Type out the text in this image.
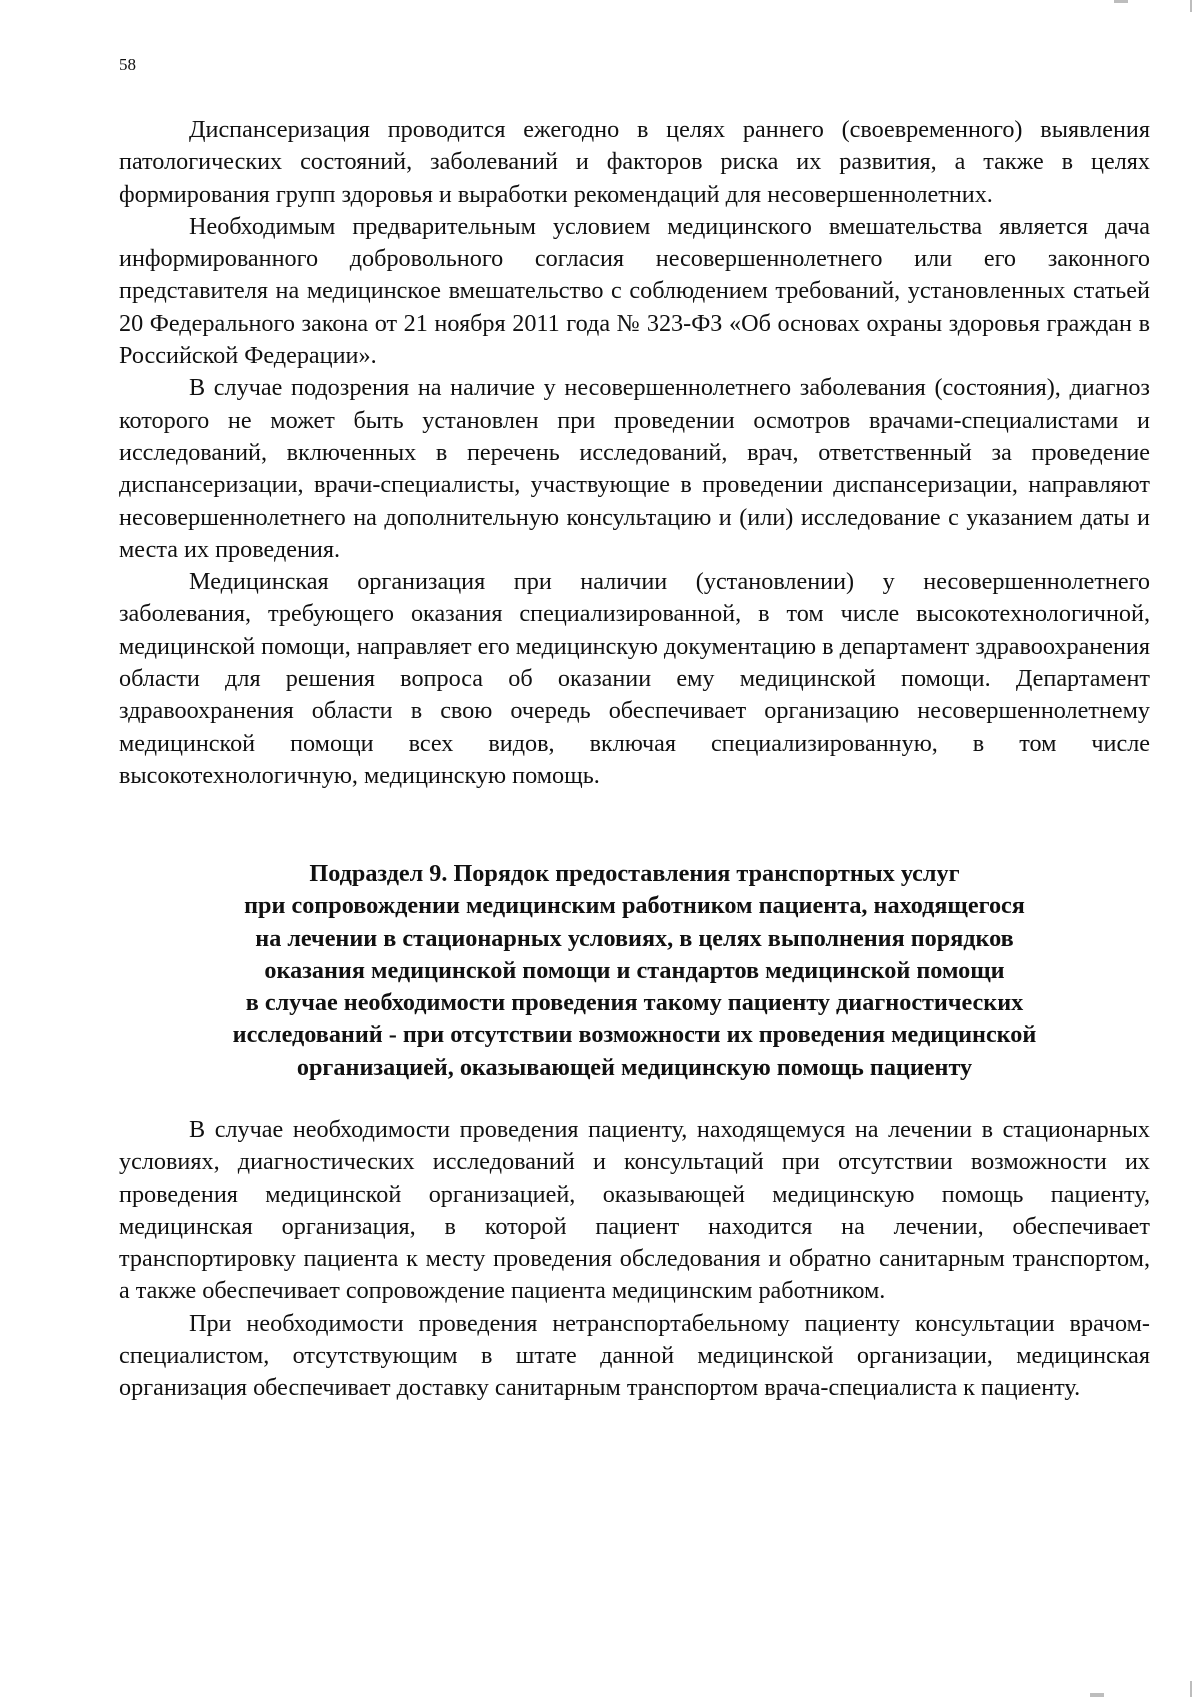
58

Диспансеризация проводится ежегодно в целях раннего (своевременного) выявления патологических состояний, заболеваний и факторов риска их развития, а также в целях формирования групп здоровья и выработки рекомендаций для несовершеннолетних.

Необходимым предварительным условием медицинского вмешательства является дача информированного добровольного согласия несовершеннолетнего или его законного представителя на медицинское вмешательство с соблюдением требований, установленных статьей 20 Федерального закона от 21 ноября 2011 года № 323-ФЗ «Об основах охраны здоровья граждан в Российской Федерации».

В случае подозрения на наличие у несовершеннолетнего заболевания (состояния), диагноз которого не может быть установлен при проведении осмотров врачами-специалистами и исследований, включенных в перечень исследований, врач, ответственный за проведение диспансеризации, врачи-специалисты, участвующие в проведении диспансеризации, направляют несовершеннолетнего на дополнительную консультацию и (или) исследование с указанием даты и места их проведения.

Медицинская организация при наличии (установлении) у несовершеннолетнего заболевания, требующего оказания специализированной, в том числе высокотехнологичной, медицинской помощи, направляет его медицинскую документацию в департамент здравоохранения области для решения вопроса об оказании ему медицинской помощи. Департамент здравоохранения области в свою очередь обеспечивает организацию несовершеннолетнему медицинской помощи всех видов, включая специализированную, в том числе высокотехнологичную, медицинскую помощь.

Подраздел 9. Порядок предоставления транспортных услуг
при сопровождении медицинским работником пациента, находящегося
на лечении в стационарных условиях, в целях выполнения порядков
оказания медицинской помощи и стандартов медицинской помощи
в случае необходимости проведения такому пациенту диагностических
исследований - при отсутствии возможности их проведения медицинской
организацией, оказывающей медицинскую помощь пациенту

В случае необходимости проведения пациенту, находящемуся на лечении в стационарных условиях, диагностических исследований и консультаций при отсутствии возможности их проведения медицинской организацией, оказывающей медицинскую помощь пациенту, медицинская организация, в которой пациент находится на лечении, обеспечивает транспортировку пациента к месту проведения обследования и обратно санитарным транспортом, а также обеспечивает сопровождение пациента медицинским работником.

При необходимости проведения нетранспортабельному пациенту консультации врачом-специалистом, отсутствующим в штате данной медицинской организации, медицинская организация обеспечивает доставку санитарным транспортом врача-специалиста к пациенту.
